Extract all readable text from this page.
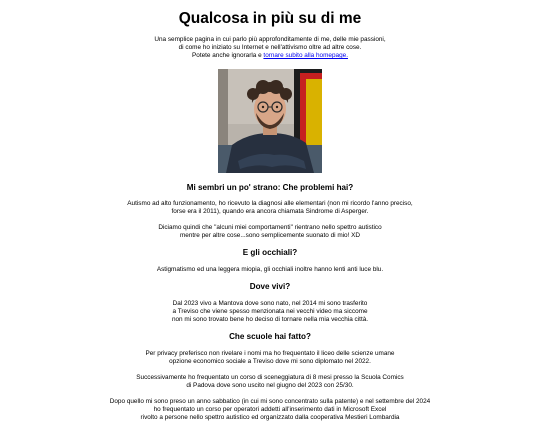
Qualcosa in più su di me
Una semplice pagina in cui parlo più approfonditamente di me, delle mie passioni,
di come ho iniziato su Internet e nell'attivismo oltre ad altre cose.
Potete anche ignorarla e tornare subito alla homepage.
Mi sembri un po' strano: Che problemi hai?

Autismo ad alto funzionamento, ho ricevuto la diagnosi alle elementari (non mi ricordo l'anno preciso,
forse era il 2011), quando era ancora chiamata Sindrome di Asperger.

Diciamo quindi che "alcuni miei comportamenti" rientrano nello spettro autistico
mentre per altre cose...sono semplicemente suonato di mio! XD

E gli occhiali?

Astigmatismo ed una leggera miopia, gli occhiali inoltre hanno lenti anti luce blu.

Dove vivi?

Dal 2023 vivo a Mantova dove sono nato, nel 2014 mi sono trasferito
a Treviso che viene spesso menzionata nei vecchi video ma siccome
non mi sono trovato bene ho deciso di tornare nella mia vecchia città.

Che scuole hai fatto?

Per privacy preferisco non rivelare i nomi ma ho frequentato il liceo delle scienze umane
opzione economico sociale a Treviso dove mi sono diplomato nel 2022.

Successivamente ho frequentato un corso di sceneggiatura di 8 mesi presso la Scuola Comics
di Padova dove sono uscito nel giugno del 2023 con 25/30.

Dopo quello mi sono preso un anno sabbatico (in cui mi sono concentrato sulla patente) e nel settembre del 2024
ho frequentato un corso per operatori addetti all'inserimento dati in Microsoft Excel
rivolto a persone nello spettro autistico ed organizzato dalla cooperativa Mestieri Lombardia
